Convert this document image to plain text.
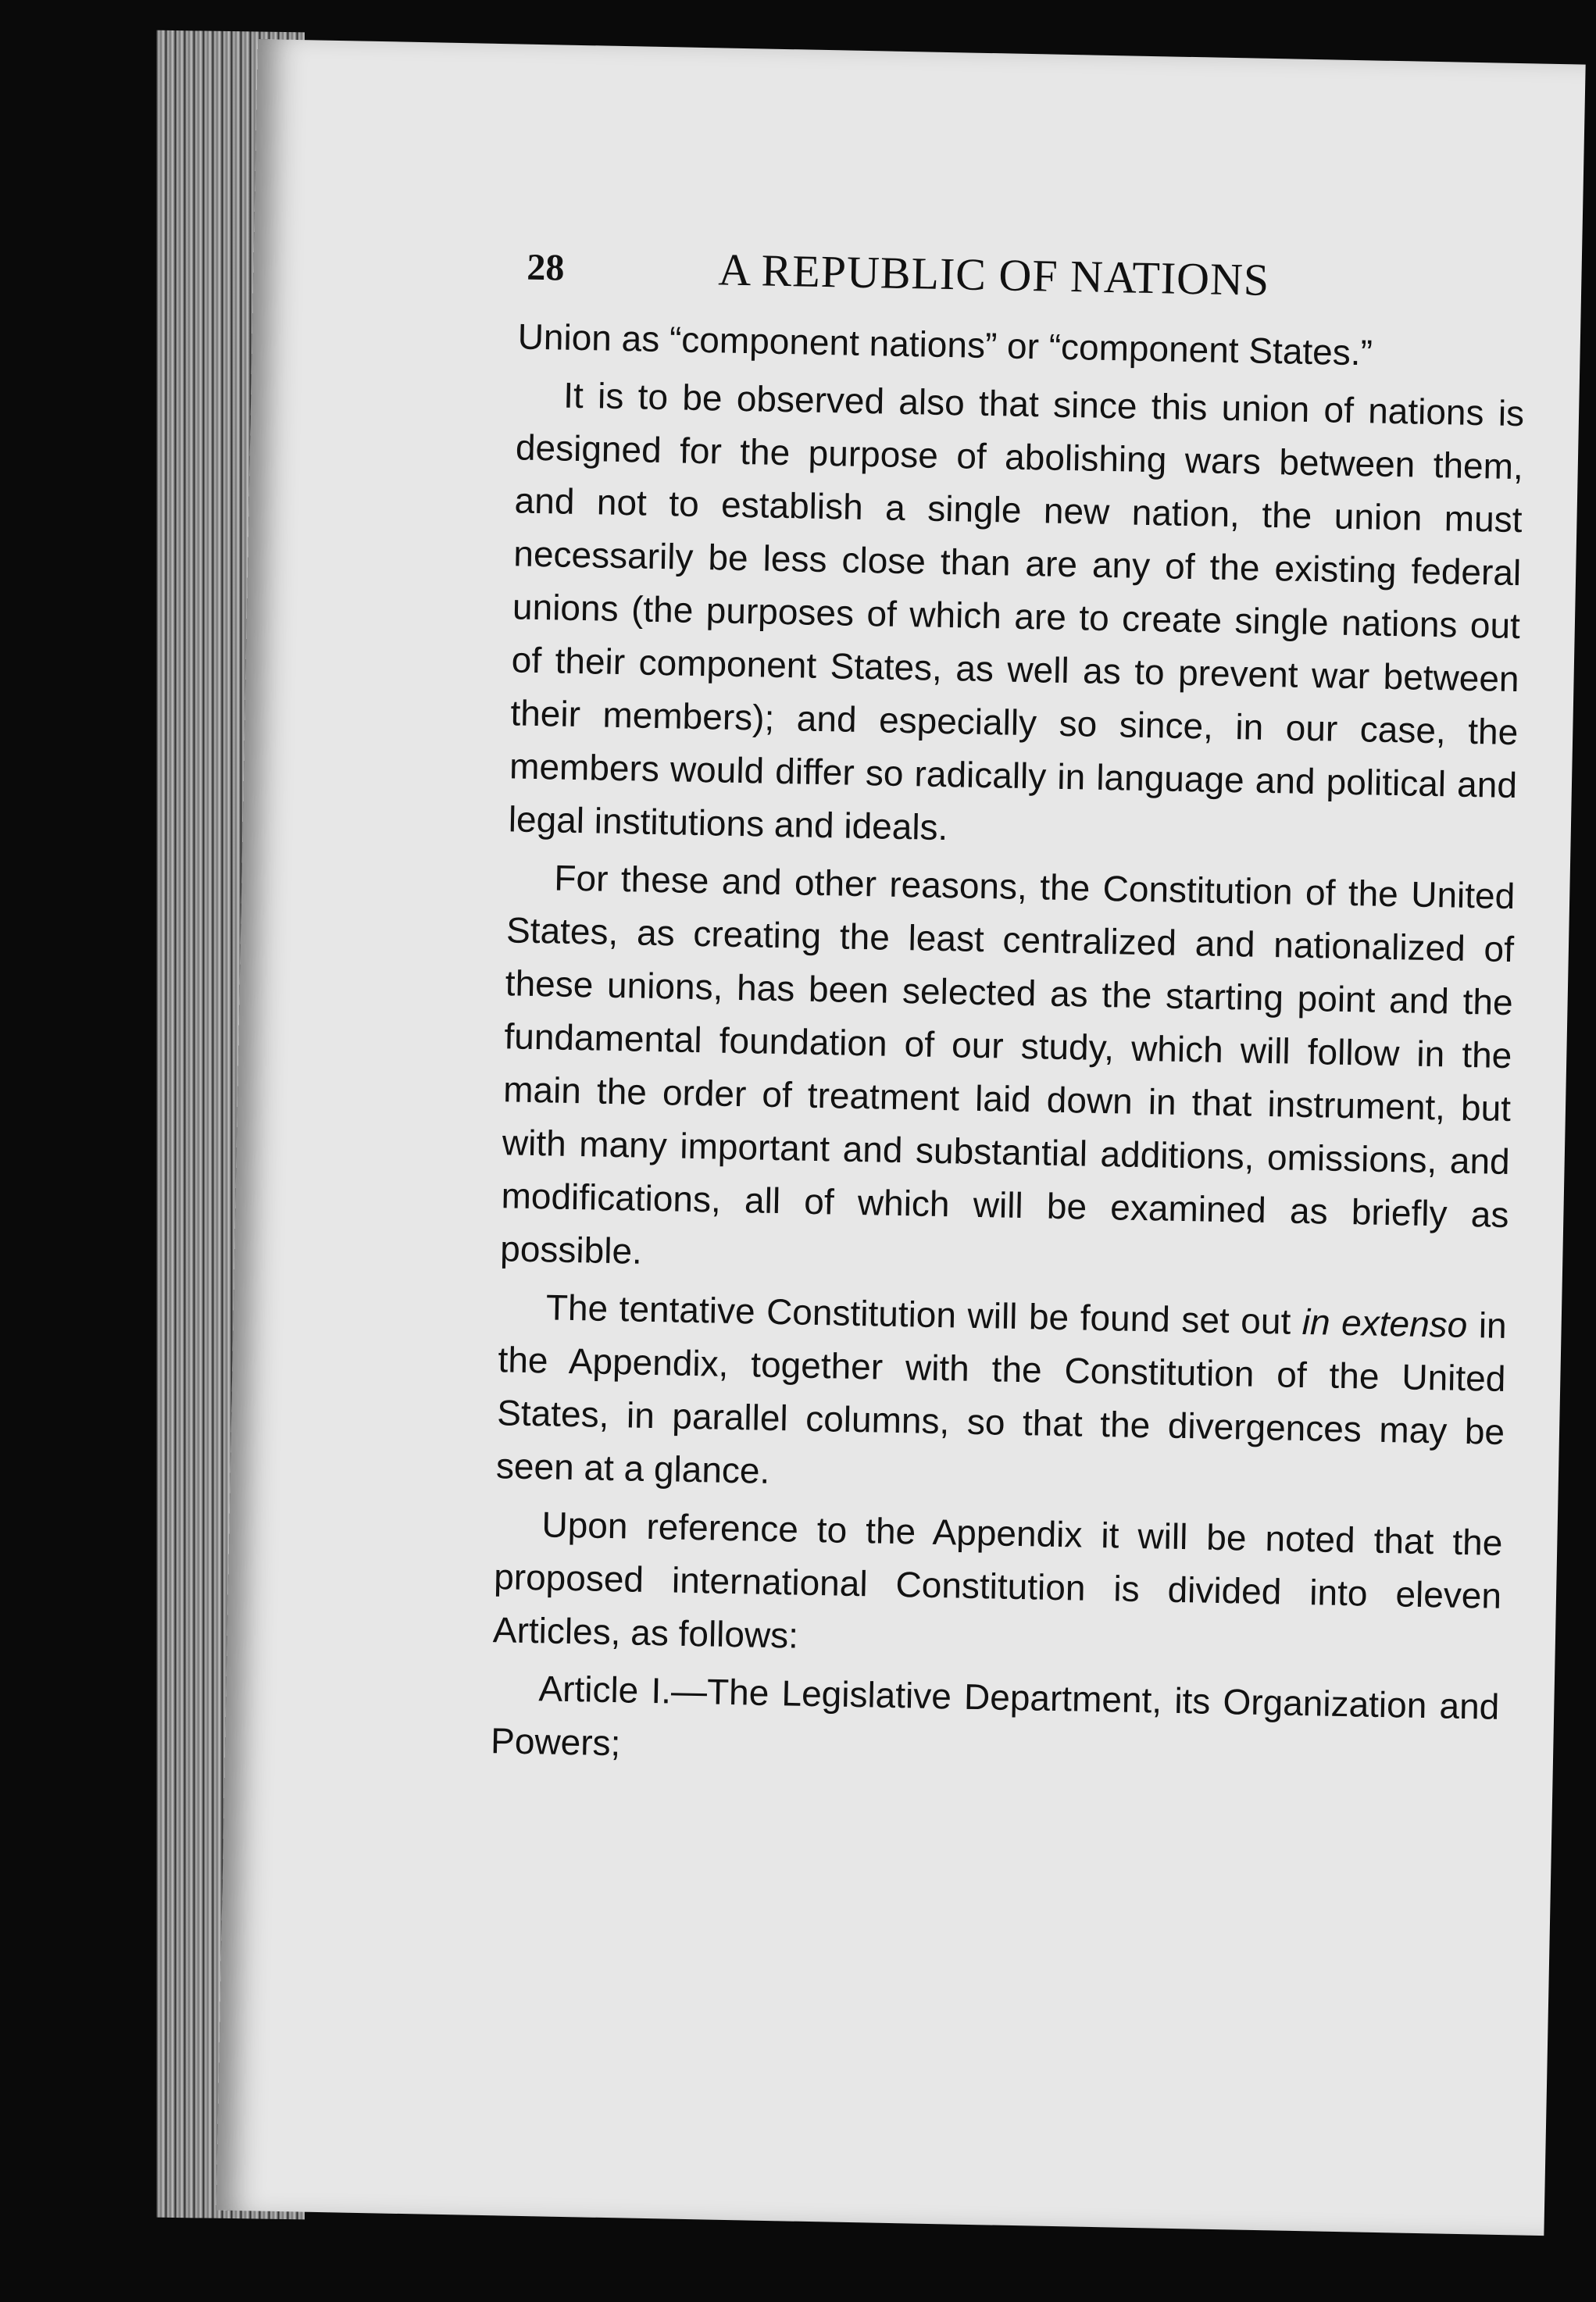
28	A REPUBLIC OF NATIONS

Union as “component nations” or “component States.”

It is to be observed also that since this union of nations is designed for the purpose of abolishing wars between them, and not to establish a single new nation, the union must necessarily be less close than are any of the existing federal unions (the purposes of which are to create single nations out of their component States, as well as to prevent war between their members); and especially so since, in our case, the members would differ so radically in language and political and legal institutions and ideals.

For these and other reasons, the Constitution of the United States, as creating the least centralized and nationalized of these unions, has been selected as the starting point and the fundamental foundation of our study, which will follow in the main the order of treatment laid down in that instrument, but with many important and substantial additions, omissions, and modifications, all of which will be examined as briefly as possible.

The tentative Constitution will be found set out in extenso in the Appendix, together with the Constitution of the United States, in parallel columns, so that the divergences may be seen at a glance.

Upon reference to the Appendix it will be noted that the proposed international Constitution is divided into eleven Articles, as follows:

Article I.—The Legislative Department, its Organization and Powers;
